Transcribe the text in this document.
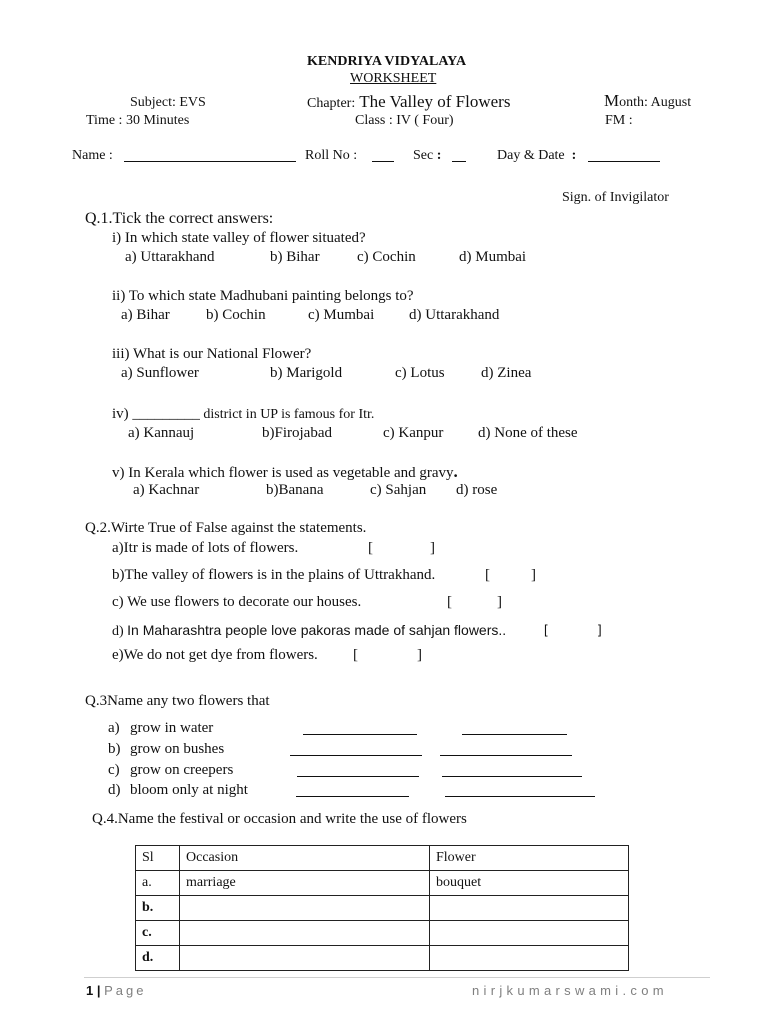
KENDRIYA VIDYALAYA
WORKSHEET
Subject: EVS	Chapter: The Valley of Flowers	Month: August
Time : 30 Minutes	Class : IV ( Four)	FM :
Name :	Roll No :	Sec :	Day & Date :
Sign. of Invigilator
Q.1.Tick the correct answers:
i) In which state valley of flower situated?
a) Uttarakhand	b) Bihar c) Cochin	d) Mumbai
ii) To which state Madhubani painting belongs to?
a) Bihar b) Cochin	c) Mumbai d) Uttarakhand
iii) What is our National Flower?
a) Sunflower	b) Marigold	c) Lotus d) Zinea
iv) _________ district in UP is famous for Itr.
a) Kannauj	b)Firojabad	c) Kanpur d) None of these
v) In Kerala which flower is used as vegetable and gravy.
a) Kachnar	b)Banana	c) Sahjan d) rose
Q.2.Wirte True of False against the statements.
a)Itr is made of lots of flowers.	[	]
b)The valley of flowers is in the plains of Uttrakhand.	[	]
c) We use flowers to decorate our houses.	[	]
d) In Maharashtra people love pakoras made of sahjan flowers..	[	]
e)We do not get dye from flowers. [	]
Q.3Name any two flowers that
a) grow in water
b) grow on bushes
c) grow on creepers
d) bloom only at night
Q.4.Name the festival or occasion and write the use of flowers
Sl	Occasion	Flower
a.	marriage	bouquet
b.		
c.		
d.		
1 | Page	nirjkumarswami.com
